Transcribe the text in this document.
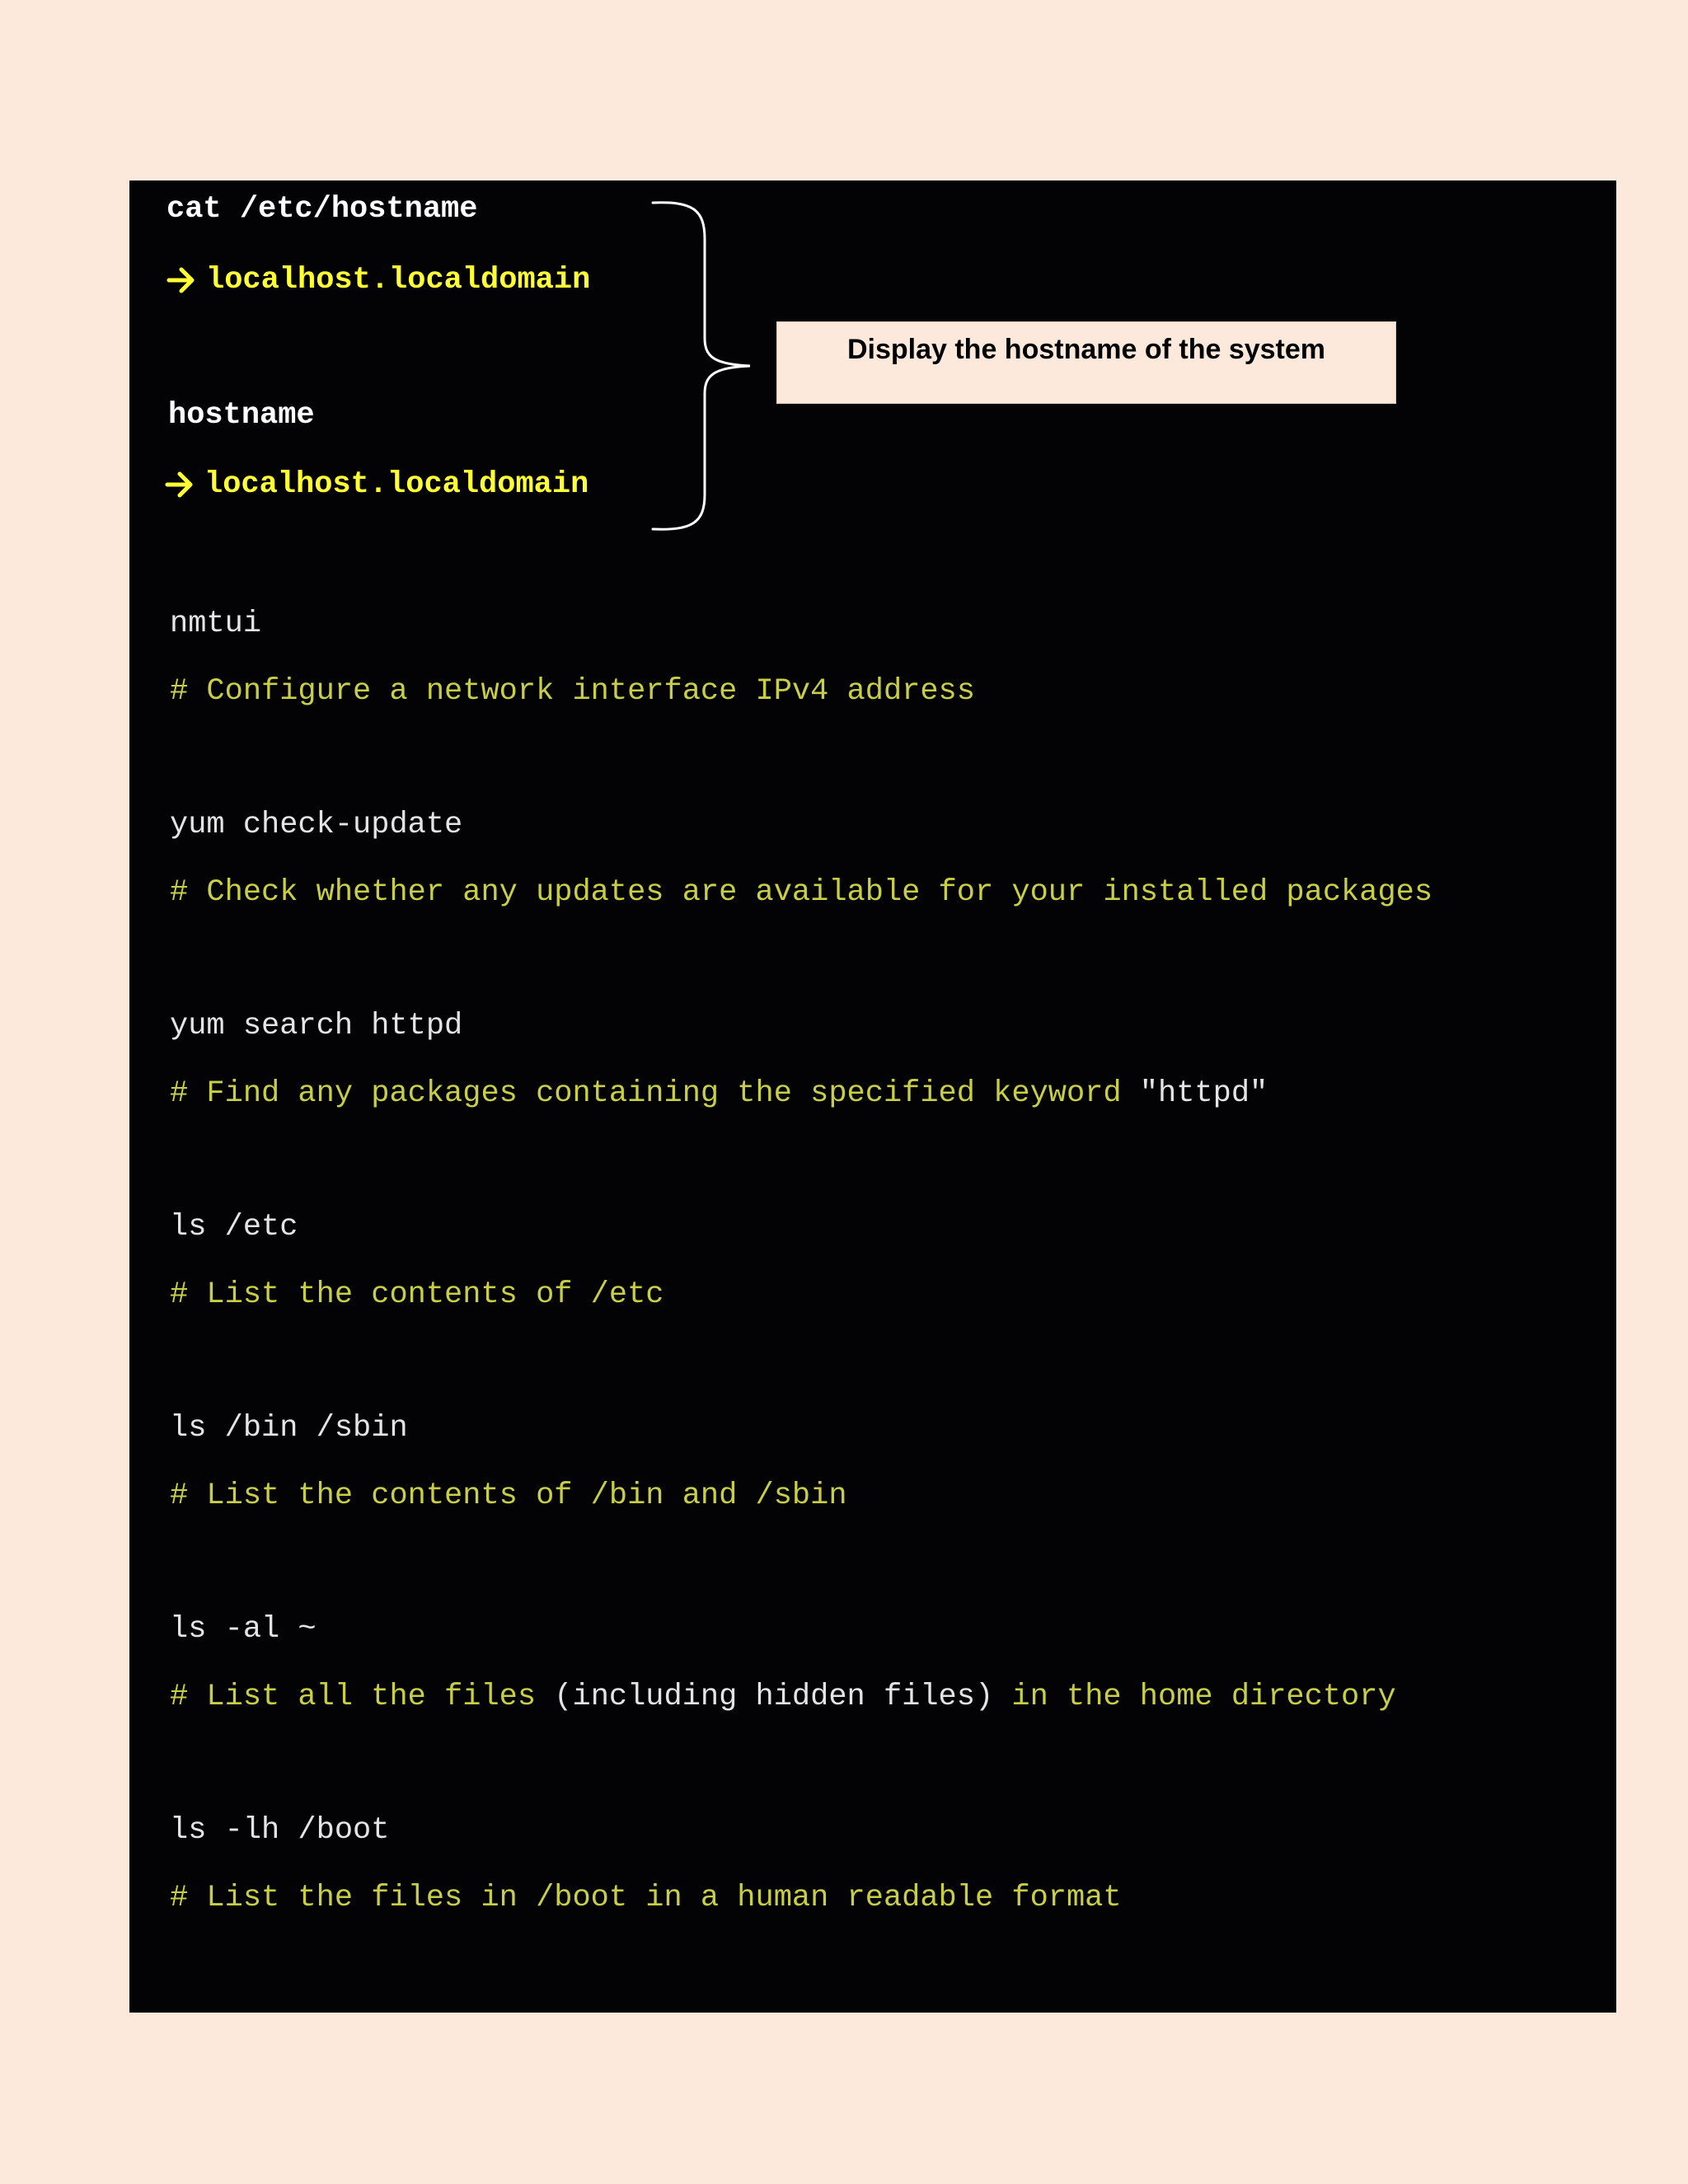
cat /etc/hostname
localhost.localdomain
hostname
localhost.localdomain
Display the hostname of the system
nmtui
# Configure a network interface IPv4 address
yum check-update
# Check whether any updates are available for your installed packages
yum search httpd
# Find any packages containing the specified keyword "httpd"
ls /etc
# List the contents of /etc
ls /bin /sbin
# List the contents of /bin and /sbin
ls -al ~
# List all the files (including hidden files) in the home directory
ls -lh /boot
# List the files in /boot in a human readable format
